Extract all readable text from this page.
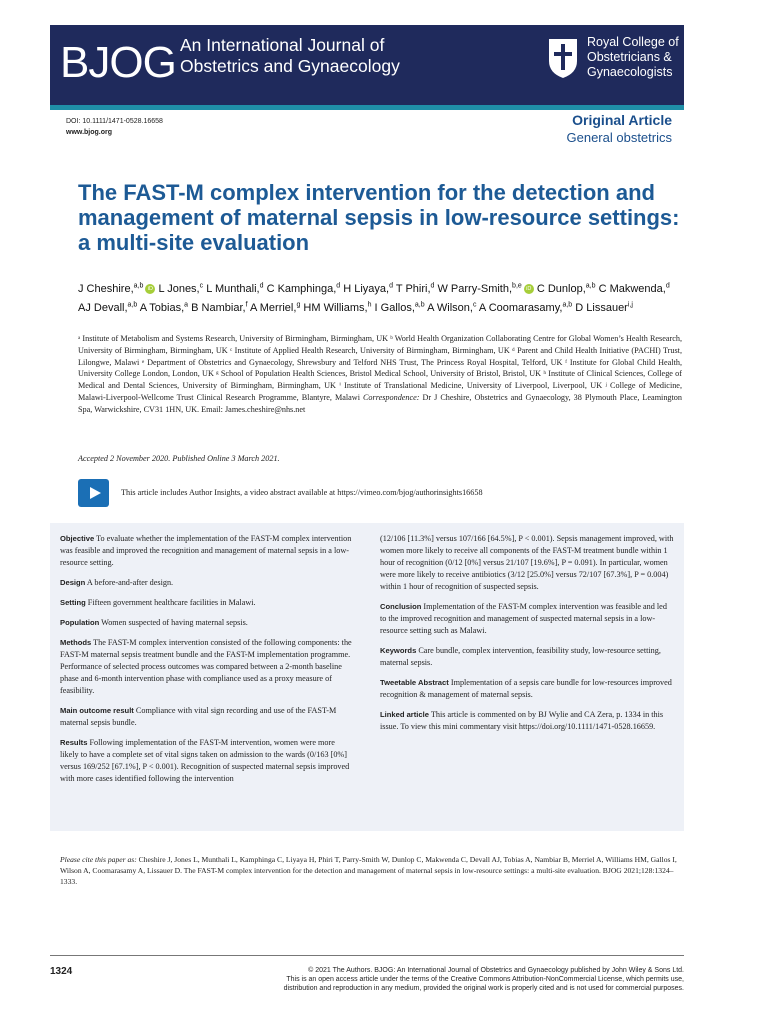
BJOG An International Journal of
Obstetrics and Gynaecology
Royal College of
Obstetricians &
Gynaecologists
DOI: 10.1111/1471-0528.16658
www.bjog.org
Original Article
General obstetrics
The FAST-M complex intervention for the detection and management of maternal sepsis in low-resource settings: a multi-site evaluation
J Cheshire,$^{a,b}$ iD L Jones,$^c$ L Munthali,$^d$ C Kamphinga,$^d$ H Liyaya,$^d$ T Phiri,$^d$ W Parry-Smith,$^{b,e}$ iD C Dunlop,$^{a,b}$ C Makwenda,$^d$ AJ Devall,$^{a,b}$ A Tobias,$^a$ B Nambiar,$^f$ A Merriel,$^g$ HM Williams,$^h$ I Gallos,$^{a,b}$ A Wilson,$^c$ A Coomarasamy,$^{a,b}$ D Lissauer$^{i,j}$
ᵃ Institute of Metabolism and Systems Research, University of Birmingham, Birmingham, UK ᵇ World Health Organization Collaborating Centre for Global Women’s Health Research, University of Birmingham, Birmingham, UK ᶜ Institute of Applied Health Research, University of Birmingham, Birmingham, UK ᵈ Parent and Child Health Initiative (PACHI) Trust, Lilongwe, Malawi ᵉ Department of Obstetrics and Gynaecology, Shrewsbury and Telford NHS Trust, The Princess Royal Hospital, Telford, UK ᶠ Institute for Global Child Health, University College London, London, UK ᵍ School of Population Health Sciences, Bristol Medical School, University of Bristol, Bristol, UK ʰ Institute of Clinical Sciences, College of Medical and Dental Sciences, University of Birmingham, Birmingham, UK ⁱ Institute of Translational Medicine, University of Liverpool, Liverpool, UK ʲ College of Medicine, Malawi-Liverpool-Wellcome Trust Clinical Research Programme, Blantyre, Malawi Correspondence: Dr J Cheshire, Obstetrics and Gynaecology, 38 Plymouth Place, Leamington Spa, Warwickshire, CV31 1HN, UK. Email: James.cheshire@nhs.net
Accepted 2 November 2020. Published Online 3 March 2021.
This article includes Author Insights, a video abstract available at https://vimeo.com/bjog/authorinsights16658

Objective To evaluate whether the implementation of the FAST-M complex intervention was feasible and improved the recognition and management of maternal sepsis in a low-resource setting.

Design A before-and-after design.

Setting Fifteen government healthcare facilities in Malawi.

Population Women suspected of having maternal sepsis.

Methods The FAST-M complex intervention consisted of the following components: the FAST-M maternal sepsis treatment bundle and the FAST-M implementation programme. Performance of selected process outcomes was compared between a 2-month baseline phase and 6-month intervention phase with compliance used as a proxy measure of feasibility.

Main outcome result Compliance with vital sign recording and use of the FAST-M maternal sepsis bundle.

Results Following implementation of the FAST-M intervention, women were more likely to have a complete set of vital signs taken on admission to the wards (0/163 [0%] versus 169/252 [67.1%], P < 0.001). Recognition of suspected maternal sepsis improved with more cases identified following the intervention

(12/106 [11.3%] versus 107/166 [64.5%], P < 0.001). Sepsis management improved, with women more likely to receive all components of the FAST-M treatment bundle within 1 hour of recognition (0/12 [0%] versus 21/107 [19.6%], P = 0.091). In particular, women were more likely to receive antibiotics (3/12 [25.0%] versus 72/107 [67.3%], P = 0.004) within 1 hour of recognition of suspected sepsis.

Conclusion Implementation of the FAST-M complex intervention was feasible and led to the improved recognition and management of suspected maternal sepsis in a low-resource setting such as Malawi.

Keywords Care bundle, complex intervention, feasibility study, low-resource setting, maternal sepsis.

Tweetable Abstract Implementation of a sepsis care bundle for low-resources improved recognition & management of maternal sepsis.

Linked article This article is commented on by BJ Wylie and CA Zera, p. 1334 in this issue. To view this mini commentary visit https://doi.org/10.1111/1471-0528.16659.

Please cite this paper as: Cheshire J, Jones L, Munthali L, Kamphinga C, Liyaya H, Phiri T, Parry-Smith W, Dunlop C, Makwenda C, Devall AJ, Tobias A, Nambiar B, Merriel A, Williams HM, Gallos I, Wilson A, Coomarasamy A, Lissauer D. The FAST-M complex intervention for the detection and management of maternal sepsis in low-resource settings: a multi-site evaluation. BJOG 2021;128:1324–1333.
1324	© 2021 The Authors. BJOG: An International Journal of Obstetrics and Gynaecology published by John Wiley & Sons Ltd.
This is an open access article under the terms of the Creative Commons Attribution-NonCommercial License, which permits use,
distribution and reproduction in any medium, provided the original work is properly cited and is not used for commercial purposes.
